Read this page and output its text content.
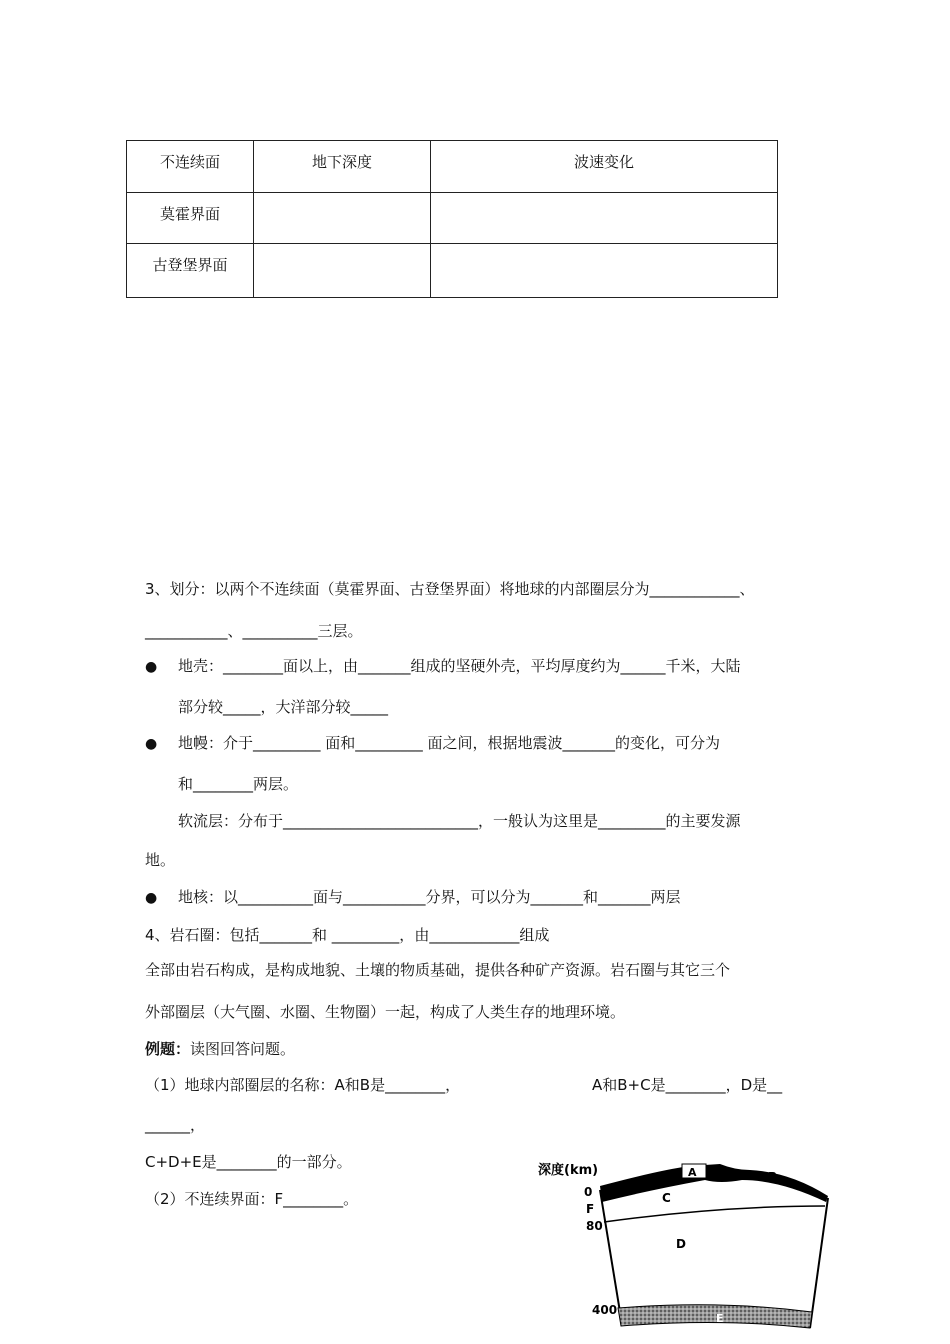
不连续面	地下深度	波速变化
莫霍界面		
古登堡界面		
3、划分：以两个不连续面（莫霍界面、古登堡界面）将地球的内部圈层分为____________、
___________、__________三层。
● 地壳：________面以上，由_______组成的坚硬外壳，平均厚度约为______千米，大陆
部分较_____，大洋部分较_____
● 地幔：介于_________ 面和_________ 面之间，根据地震波_______的变化，可分为
和________两层。
软流层：分布于__________________________，一般认为这里是_________的主要发源
地。
● 地核：以__________面与___________分界，可以分为_______和_______两层
4、岩石圈：包括_______和 _________，由____________组成
全部由岩石构成，是构成地貌、土壤的物质基础，提供各种矿产资源。岩石圈与其它三个
外部圈层（大气圈、水圈、生物圈）一起，构成了人类生存的地理环境。
例题：读图回答问题。
（1）地球内部圈层的名称：A和B是________，	A和B+C是________，D是__
______，
C+D+E是________的一部分。
（2）不连续界面：F________。
深度(km)	A	B
C
D
E
0
F
80
400
